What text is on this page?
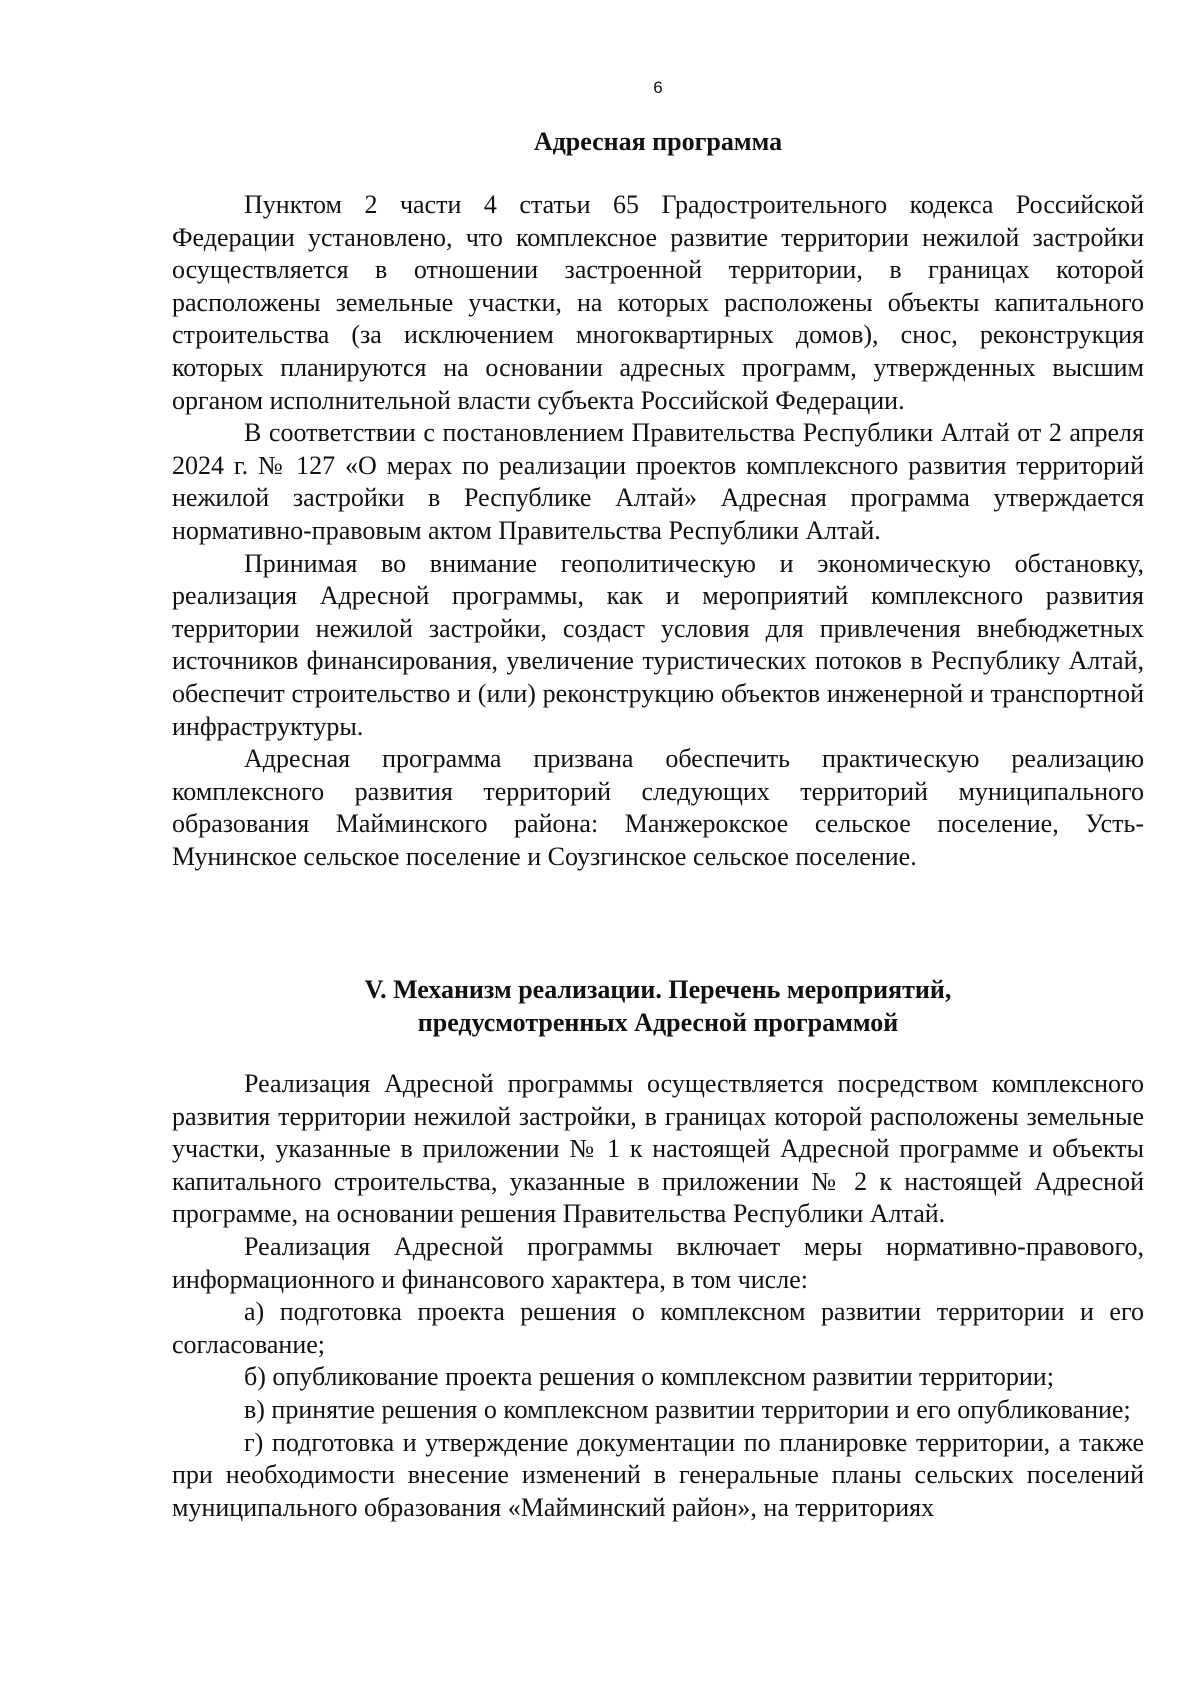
6
Адресная программа

Пунктом 2 части 4 статьи 65 Градостроительного кодекса Российской Федерации установлено, что комплексное развитие территории нежилой застройки осуществляется в отношении застроенной территории, в границах которой расположены земельные участки, на которых расположены объекты капитального строительства (за исключением многоквартирных домов), снос, реконструкция которых планируются на основании адресных программ, утвержденных высшим органом исполнительной власти субъекта Российской Федерации.

В соответствии с постановлением Правительства Республики Алтай от 2 апреля 2024 г. № 127 «О мерах по реализации проектов комплексного развития территорий нежилой застройки в Республике Алтай» Адресная программа утверждается нормативно-правовым актом Правительства Республики Алтай.

Принимая во внимание геополитическую и экономическую обстановку, реализация Адресной программы, как и мероприятий комплексного развития территории нежилой застройки, создаст условия для привлечения внебюджетных источников финансирования, увеличение туристических потоков в Республику Алтай, обеспечит строительство и (или) реконструкцию объектов инженерной и транспортной инфраструктуры.

Адресная программа призвана обеспечить практическую реализацию комплексного развития территорий следующих территорий муниципального образования Майминского района: Манжерокское сельское поселение, Усть-Мунинское сельское поселение и Соузгинское сельское поселение.

V. Механизм реализации. Перечень мероприятий,
предусмотренных Адресной программой

Реализация Адресной программы осуществляется посредством комплексного развития территории нежилой застройки, в границах которой расположены земельные участки, указанные в приложении № 1 к настоящей Адресной программе и объекты капитального строительства, указанные в приложении № 2 к настоящей Адресной программе, на основании решения Правительства Республики Алтай.

Реализация Адресной программы включает меры нормативно-правового, информационного и финансового характера, в том числе:

а) подготовка проекта решения о комплексном развитии территории и его согласование;

б) опубликование проекта решения о комплексном развитии территории;

в) принятие решения о комплексном развитии территории и его опубликование;

г) подготовка и утверждение документации по планировке территории, а также при необходимости внесение изменений в генеральные планы сельских поселений муниципального образования «Майминский район», на территориях
